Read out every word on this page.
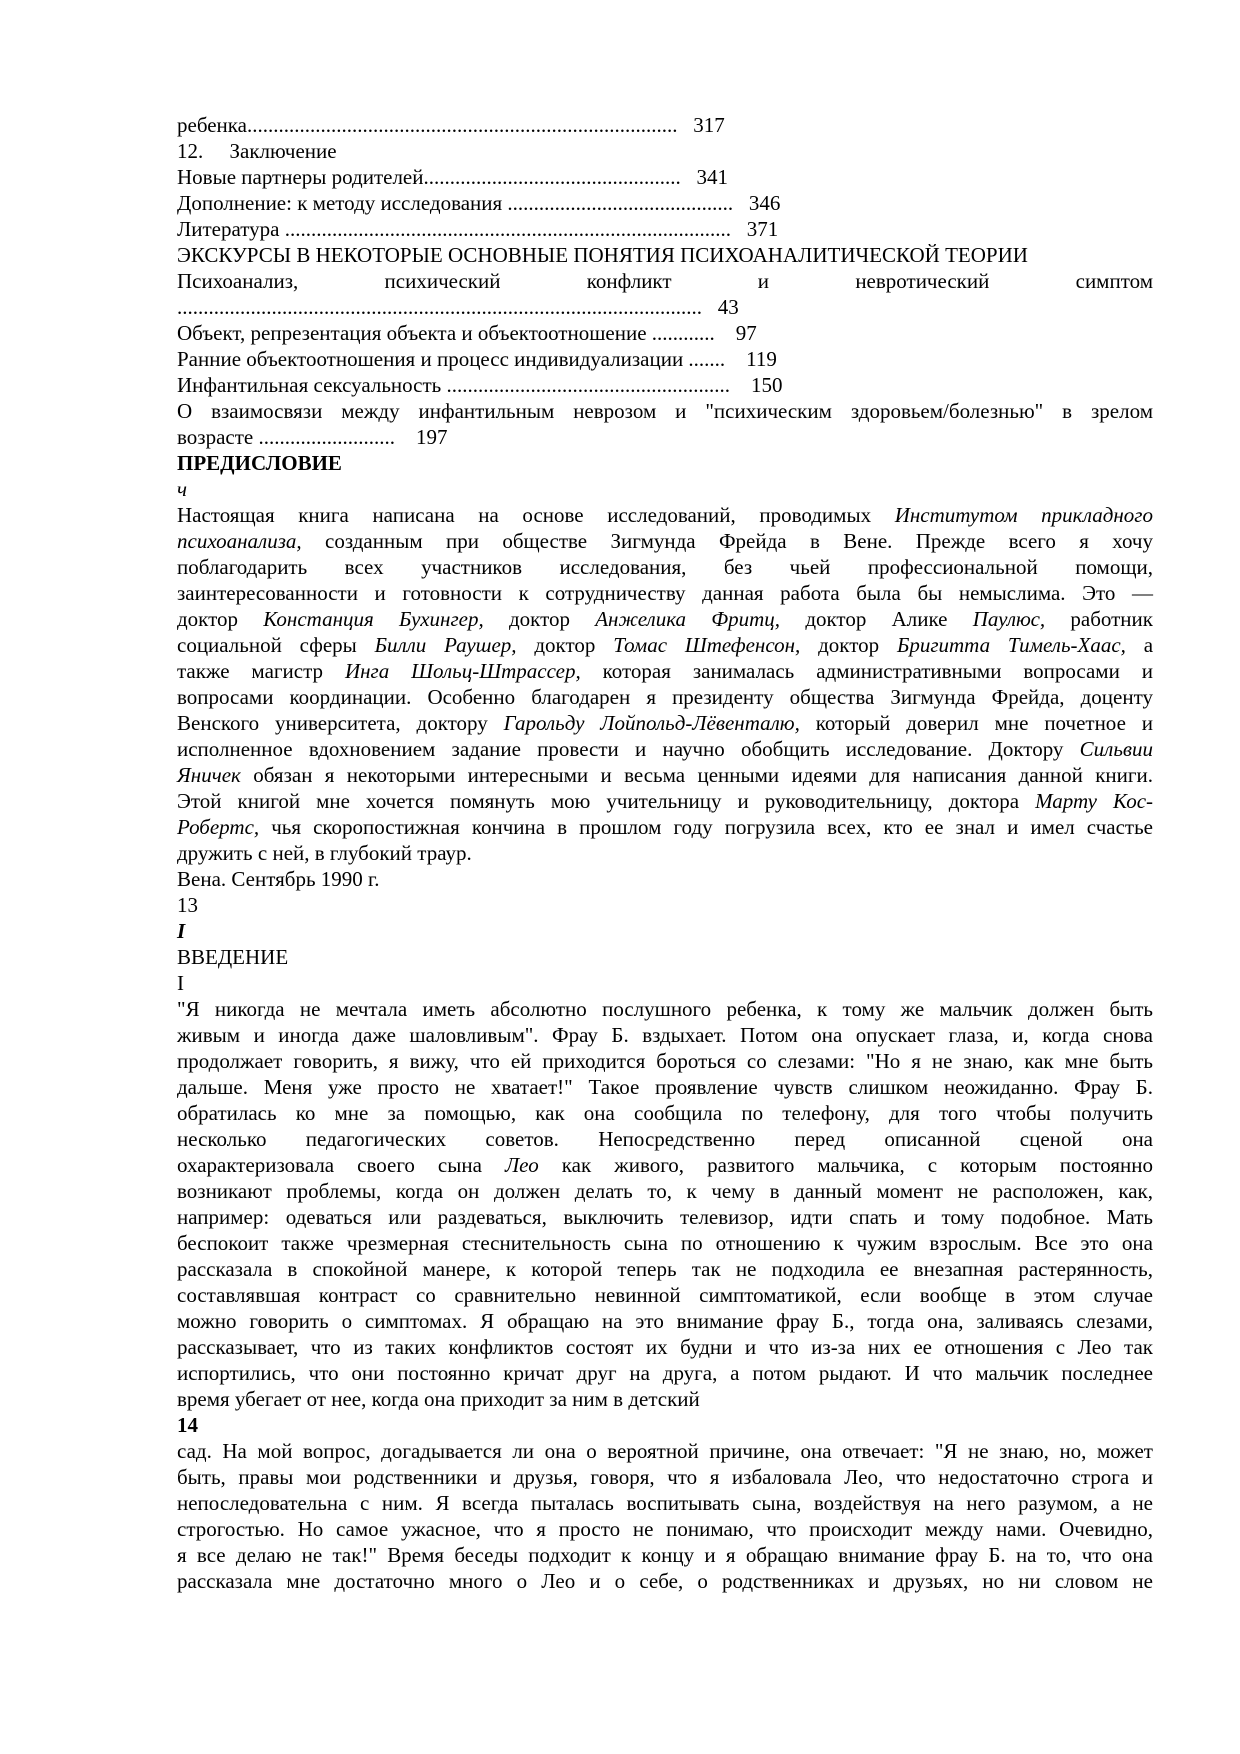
ребенка..................................................................................   317
12.     Заключение
Новые партнеры родителей.................................................   341
Дополнение: к методу исследования ...........................................   346
Литература .....................................................................................   371
ЭКСКУРСЫ В НЕКОТОРЫЕ ОСНОВНЫЕ ПОНЯТИЯ ПСИХОАНАЛИТИЧЕСКОЙ ТЕОРИИ
Психоанализ, психический конфликт и невротический симптом
....................................................................................................   43
Объект, репрезентация объекта и объектоотношение ............    97
Ранние объектоотношения и процесс индивидуализации .......    119
Инфантильная сексуальность ......................................................    150
О взаимосвязи между инфантильным неврозом и "психическим здоровьем/болезнью" в зрелом
возрасте ..........................    197
ПРЕДИСЛОВИЕ
ч
Настоящая книга написана на основе исследований, проводимых Институтом прикладного
психоанализа, созданным при обществе Зигмунда Фрейда в Вене. Прежде всего я хочу
поблагодарить всех участников исследования, без чьей профессиональной помощи,
заинтересованности и готовности к сотрудничеству данная работа была бы немыслима. Это —
доктор Констанция Бухингер, доктор Анжелика Фритц, доктор Алике Паулюс, работник
социальной сферы Билли Раушер, доктор Томас Штефенсон, доктор Бригитта Тимель-Хаас, а
также магистр Инга Шольц-Штрассер, которая занималась административными вопросами и
вопросами координации. Особенно благодарен я президенту общества Зигмунда Фрейда, доценту
Венского университета, доктору Гарольду Лойпольд-Лёвенталю, который доверил мне почетное и
исполненное вдохновением задание провести и научно обобщить исследование. Доктору Сильвии
Яничек обязан я некоторыми интересными и весьма ценными идеями для написания данной книги.
Этой книгой мне хочется помянуть мою учительницу и руководительницу, доктора Марту Кос-
Робертс, чья скоропостижная кончина в прошлом году погрузила всех, кто ее знал и имел счастье
дружить с ней, в глубокий траур.
Вена. Сентябрь 1990 г.
13
I
ВВЕДЕНИЕ
I
"Я никогда не мечтала иметь абсолютно послушного ребенка, к тому же мальчик должен быть
живым и иногда даже шаловливым". Фрау Б. вздыхает. Потом она опускает глаза, и, когда снова
продолжает говорить, я вижу, что ей приходится бороться со слезами: "Но я не знаю, как мне быть
дальше. Меня уже просто не хватает!" Такое проявление чувств слишком неожиданно. Фрау Б.
обратилась ко мне за помощью, как она сообщила по телефону, для того чтобы получить
несколько педагогических советов. Непосредственно перед описанной сценой она
охарактеризовала своего сына Лео как живого, развитого мальчика, с которым постоянно
возникают проблемы, когда он должен делать то, к чему в данный момент не расположен, как,
например: одеваться или раздеваться, выключить телевизор, идти спать и тому подобное. Мать
беспокоит также чрезмерная стеснительность сына по отношению к чужим взрослым. Все это она
рассказала в спокойной манере, к которой теперь так не подходила ее внезапная растерянность,
составлявшая контраст со сравнительно невинной симптоматикой, если вообще в этом случае
можно говорить о симптомах. Я обращаю на это внимание фрау Б., тогда она, заливаясь слезами,
рассказывает, что из таких конфликтов состоят их будни и что из-за них ее отношения с Лео так
испортились, что они постоянно кричат друг на друга, а потом рыдают. И что мальчик последнее
время убегает от нее, когда она приходит за ним в детский
14
сад. На мой вопрос, догадывается ли она о вероятной причине, она отвечает: "Я не знаю, но, может
быть, правы мои родственники и друзья, говоря, что я избаловала Лео, что недостаточно строга и
непоследовательна с ним. Я всегда пыталась воспитывать сына, воздействуя на него разумом, а не
строгостью. Но самое ужасное, что я просто не понимаю, что происходит между нами. Очевидно,
я все делаю не так!" Время беседы подходит к концу и я обращаю внимание фрау Б. на то, что она
рассказала мне достаточно много о Лео и о себе, о родственниках и друзьях, но ни словом не
